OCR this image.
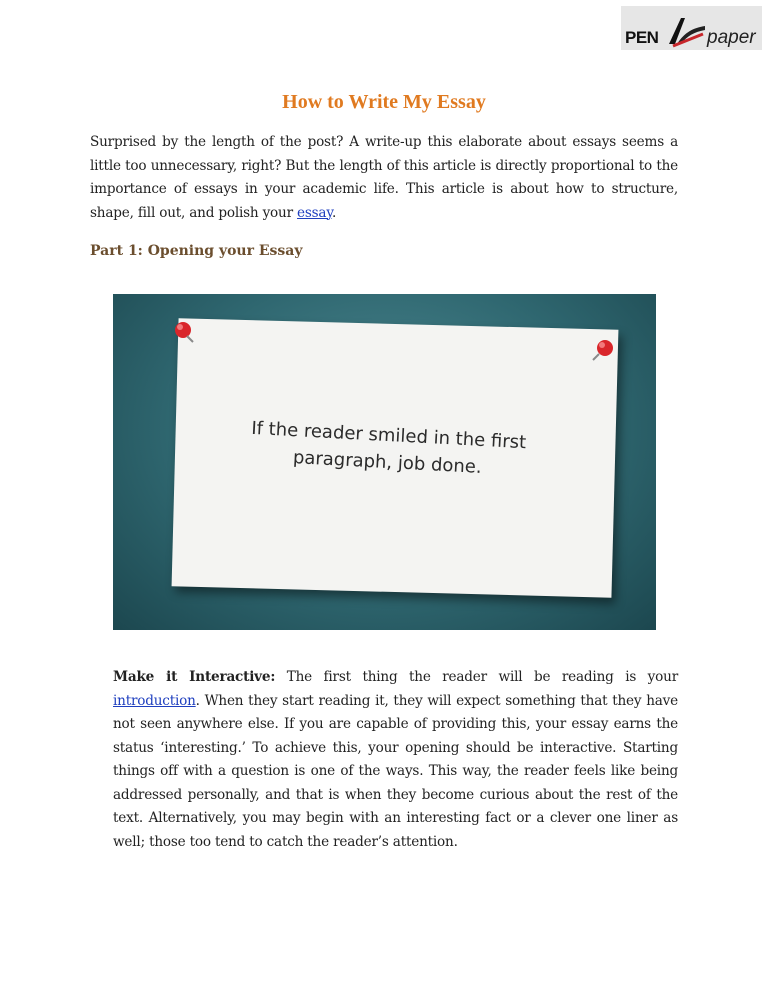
PEN	paper
How to Write My Essay

Surprised by the length of the post? A write-up this elaborate about essays seems a little too unnecessary, right? But the length of this article is directly proportional to the importance of essays in your academic life. This article is about how to structure, shape, fill out, and polish your essay.

Part 1: Opening your Essay
If the reader smiled in the first
paragraph, job done.

Make it Interactive: The first thing the reader will be reading is your introduction. When they start reading it, they will expect something that they have not seen anywhere else. If you are capable of providing this, your essay earns the status ‘interesting.’ To achieve this, your opening should be interactive. Starting things off with a question is one of the ways. This way, the reader feels like being addressed personally, and that is when they become curious about the rest of the text. Alternatively, you may begin with an interesting fact or a clever one liner as well; those too tend to catch the reader’s attention.
